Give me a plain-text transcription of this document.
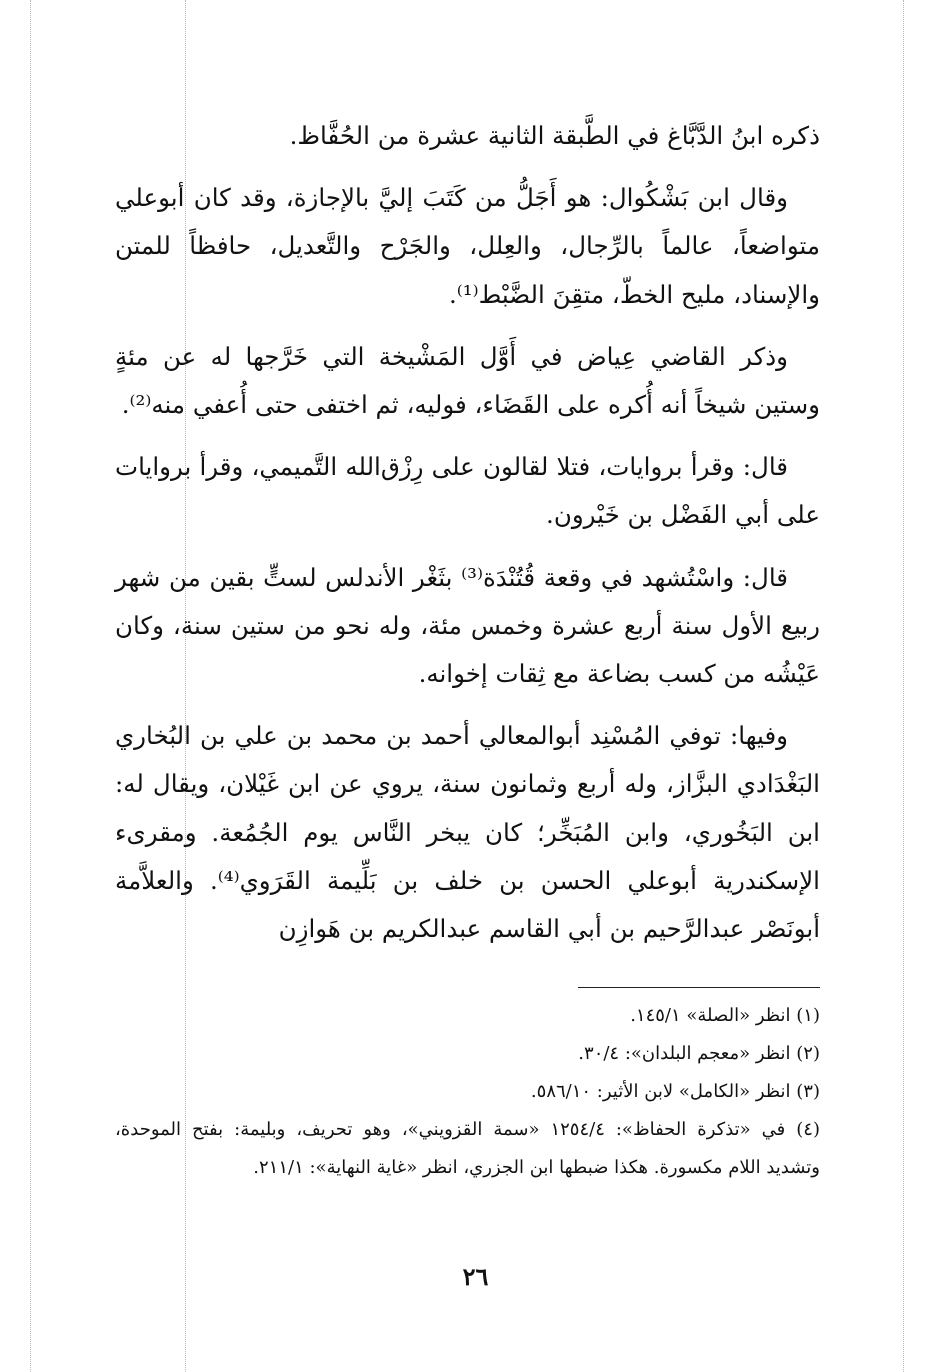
ذكره ابنُ الدَّبَّاغ في الطَّبقة الثانية عشرة من الحُفَّاظ.

وقال ابن بَشْكُوال: هو أَجَلُّ من كَتَبَ إليَّ بالإجازة، وقد كان أبوعلي متواضعاً، عالماً بالرِّجال، والعِلل، والجَرْح والتَّعديل، حافظاً للمتن والإسناد، مليح الخطّ، متقِنَ الضَّبْط⁽¹⁾.

وذكر القاضي عِياض في أَوَّل المَشْيخة التي خَرَّجها له عن مئةٍ وستين شيخاً أنه أُكره على القَضَاء، فوليه، ثم اختفى حتى أُعفي منه⁽²⁾.

قال: وقرأ بروايات، فتلا لقالون على رِزْق‌الله التَّميمي، وقرأ بروايات على أبي الفَضْل بن خَيْرون.

قال: واسْتُشهد في وقعة قُتُنْدَة⁽³⁾ بثَغْر الأندلس لستٍّ بقين من شهر ربيع الأول سنة أربع عشرة وخمس مئة، وله نحو من ستين سنة، وكان عَيْشُه من كسب بضاعة مع ثِقات إخوانه.

وفيها: توفي المُسْنِد أبوالمعالي أحمد بن محمد بن علي بن البُخاري البَغْدَادي البزَّاز، وله أربع وثمانون سنة، يروي عن ابن غَيْلان، ويقال له: ابن البَخُوري، وابن المُبَخِّر؛ كان يبخر النَّاس يوم الجُمُعة. ومقرىء الإسكندرية أبوعلي الحسن بن خلف بن بَلِّيمة القَرَوي⁽⁴⁾. والعلاَّمة أبونَصْر عبدالرَّحيم بن أبي القاسم عبدالكريم بن هَوازِن

(١) انظر «الصلة» ١٤٥/١.

(٢) انظر «معجم البلدان»: ٣٠/٤.

(٣) انظر «الكامل» لابن الأثير: ٥٨٦/١٠.

(٤) في «تذكرة الحفاظ»: ١٢٥٤/٤ «سمة القزويني»، وهو تحريف، وبليمة: بفتح الموحدة، وتشديد اللام مكسورة. هكذا ضبطها ابن الجزري، انظر «غاية النهاية»: ٢١١/١.

٢٦
